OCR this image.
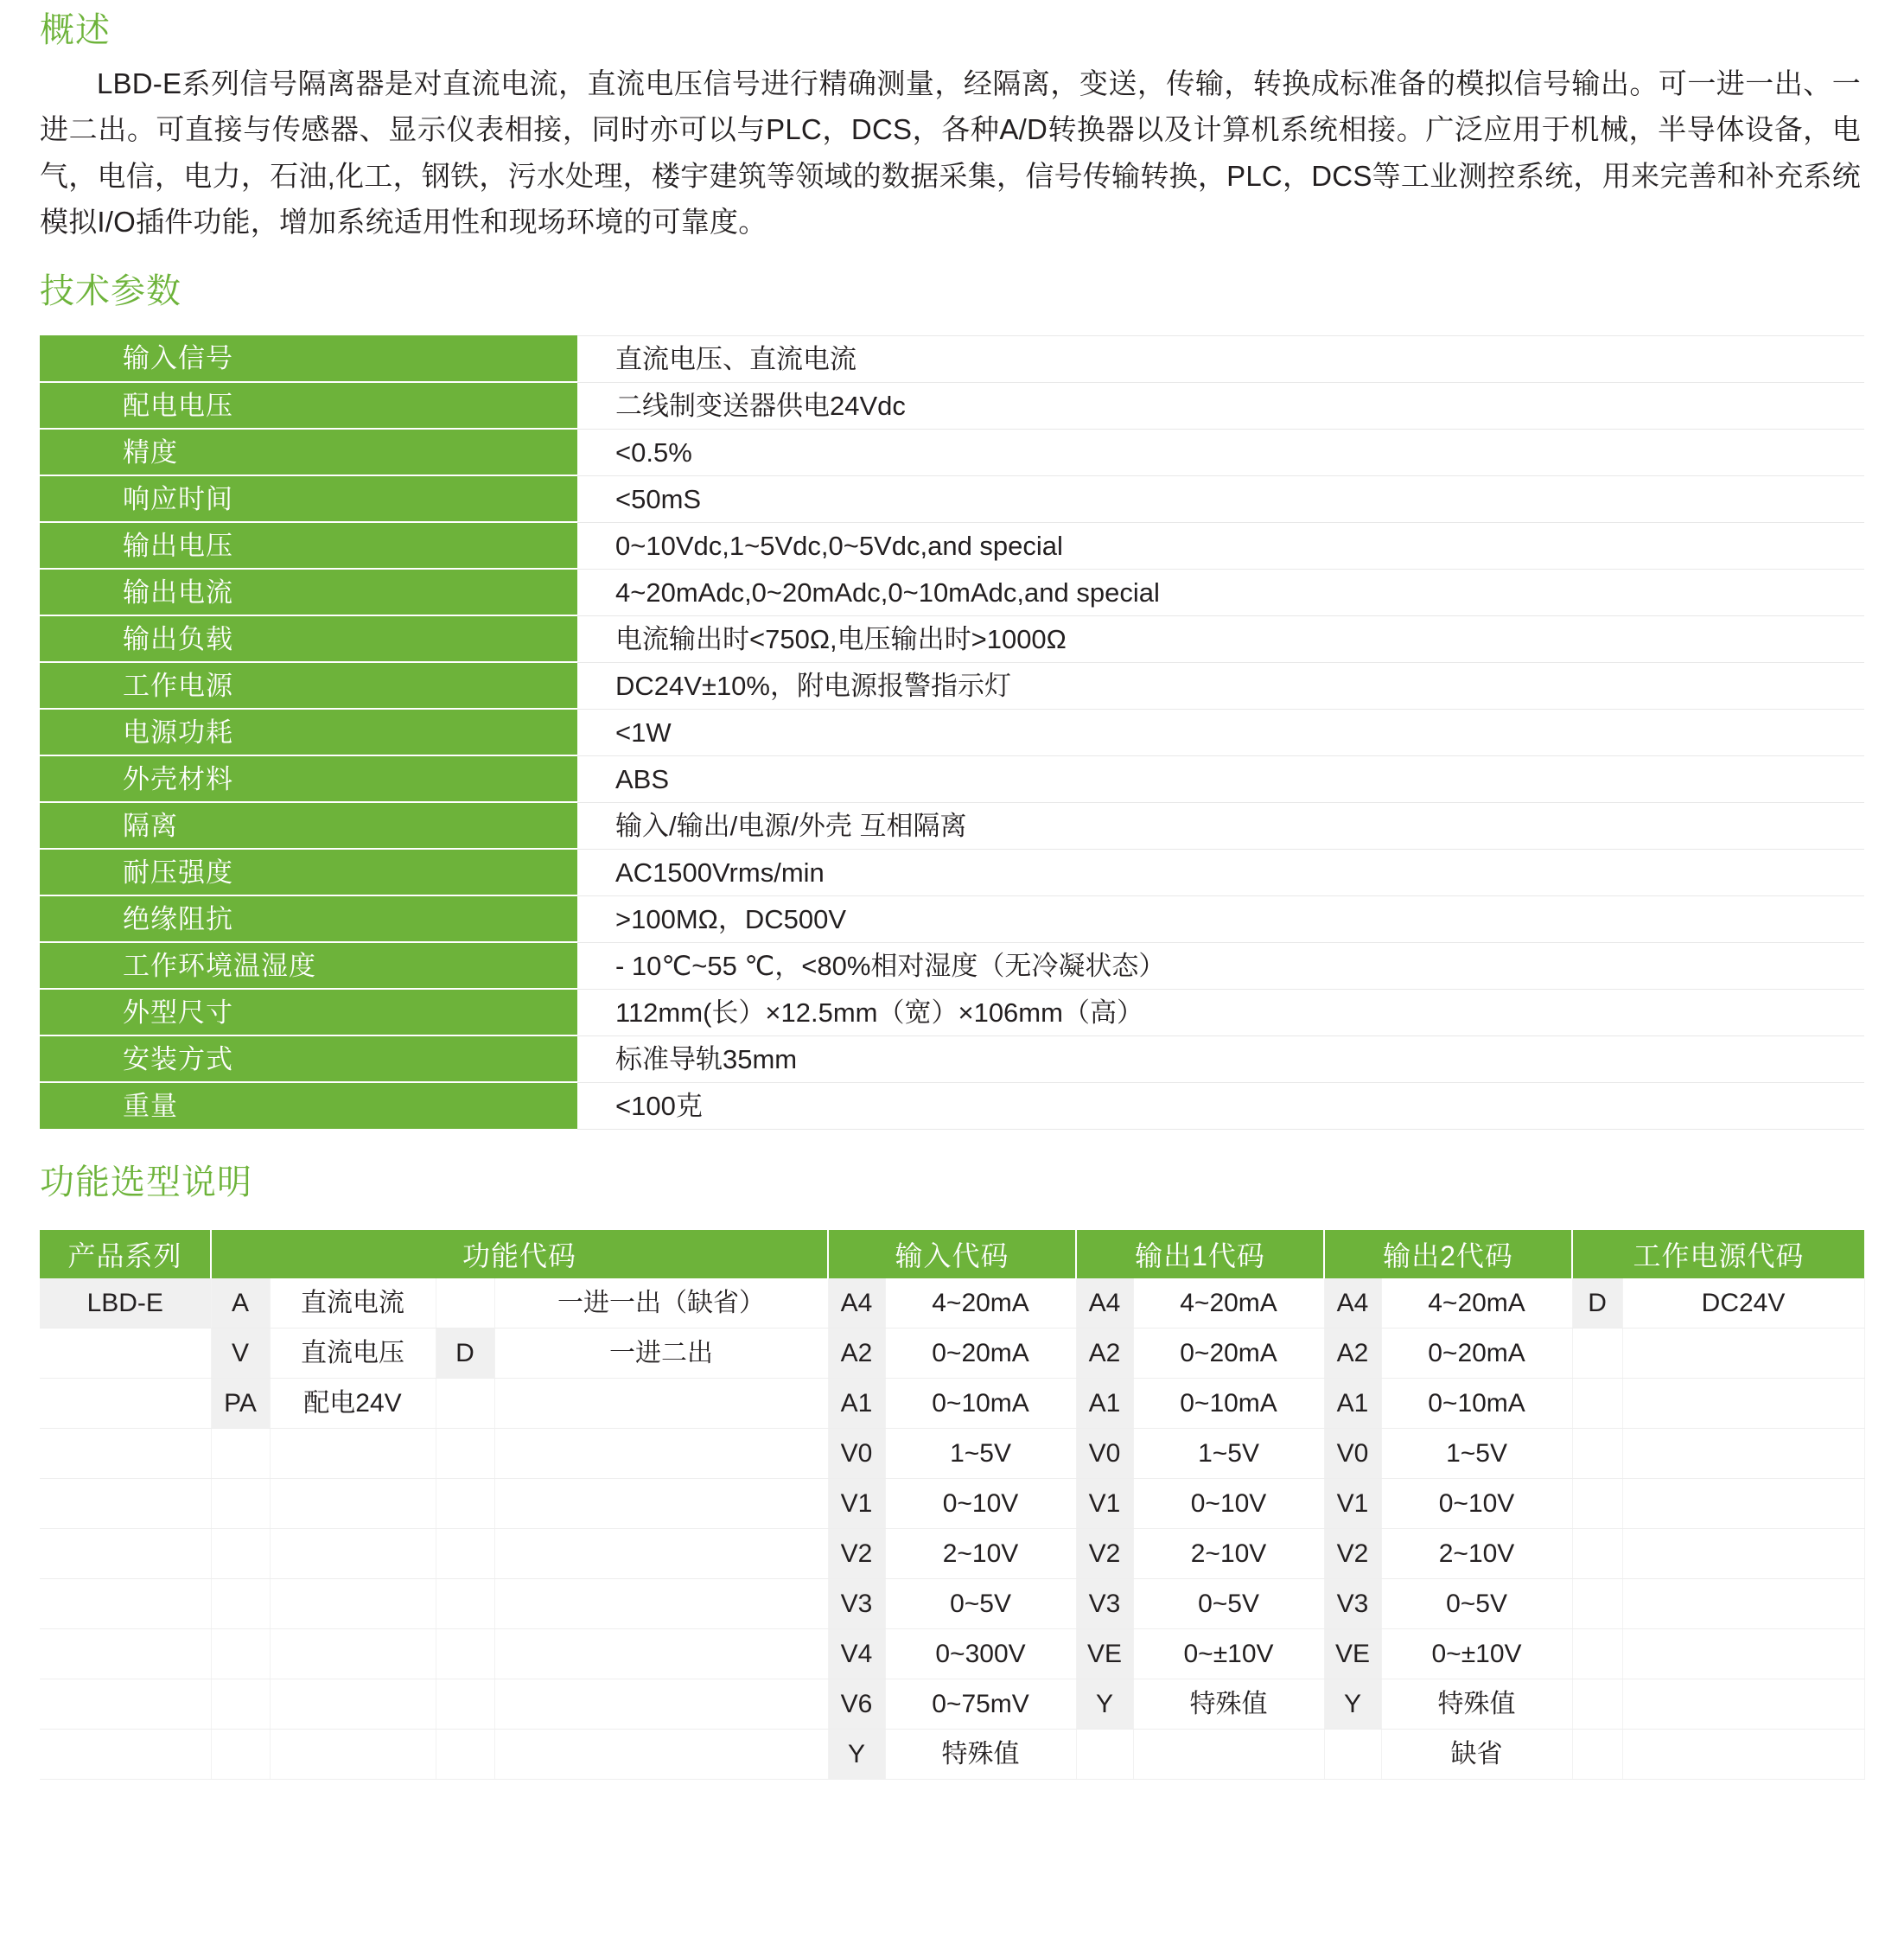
概述

LBD-E系列信号隔离器是对直流电流，直流电压信号进行精确测量，经隔离，变送，传输，转换成标准备的模拟信号输出。可一进一出、一进二出。可直接与传感器、显示仪表相接，同时亦可以与PLC，DCS，各种A/D转换器以及计算机系统相接。广泛应用于机械，半导体设备，电气，电信，电力，石油,化工，钢铁，污水处理，楼宇建筑等领域的数据采集，信号传输转换，PLC，DCS等工业测控系统，用来完善和补充系统模拟I/O插件功能，增加系统适用性和现场环境的可靠度。

技术参数
输入信号	直流电压、直流电流
配电电压	二线制变送器供电24Vdc
精度	<0.5%
响应时间	<50mS
输出电压	0~10Vdc,1~5Vdc,0~5Vdc,and special
输出电流	4~20mAdc,0~20mAdc,0~10mAdc,and special
输出负载	电流输出时<750Ω,电压输出时>1000Ω
工作电源	DC24V±10%，附电源报警指示灯
电源功耗	<1W
外壳材料	ABS
隔离	输入/输出/电源/外壳 互相隔离
耐压强度	AC1500Vrms/min
绝缘阻抗	>100MΩ，DC500V
工作环境温湿度	- 10℃~55 ℃，<80%相对湿度（无冷凝状态）
外型尺寸	112mm(长）×12.5mm（宽）×106mm（高）
安装方式	标准导轨35mm
重量	<100克
功能选型说明
产品系列	功能代码				输入代码		输出1代码		输出2代码		工作电源代码	
LBD-E	A	直流电流		一进一出（缺省）	A4	4~20mA	A4	4~20mA	A4	4~20mA	D	DC24V
	V	直流电压	D	一进二出	A2	0~20mA	A2	0~20mA	A2	0~20mA		
	PA	配电24V			A1	0~10mA	A1	0~10mA	A1	0~10mA		
					V0	1~5V	V0	1~5V	V0	1~5V		
					V1	0~10V	V1	0~10V	V1	0~10V		
					V2	2~10V	V2	2~10V	V2	2~10V		
					V3	0~5V	V3	0~5V	V3	0~5V		
					V4	0~300V	VE	0~±10V	VE	0~±10V		
					V6	0~75mV	Y	特殊值	Y	特殊值		
					Y	特殊值				缺省		
